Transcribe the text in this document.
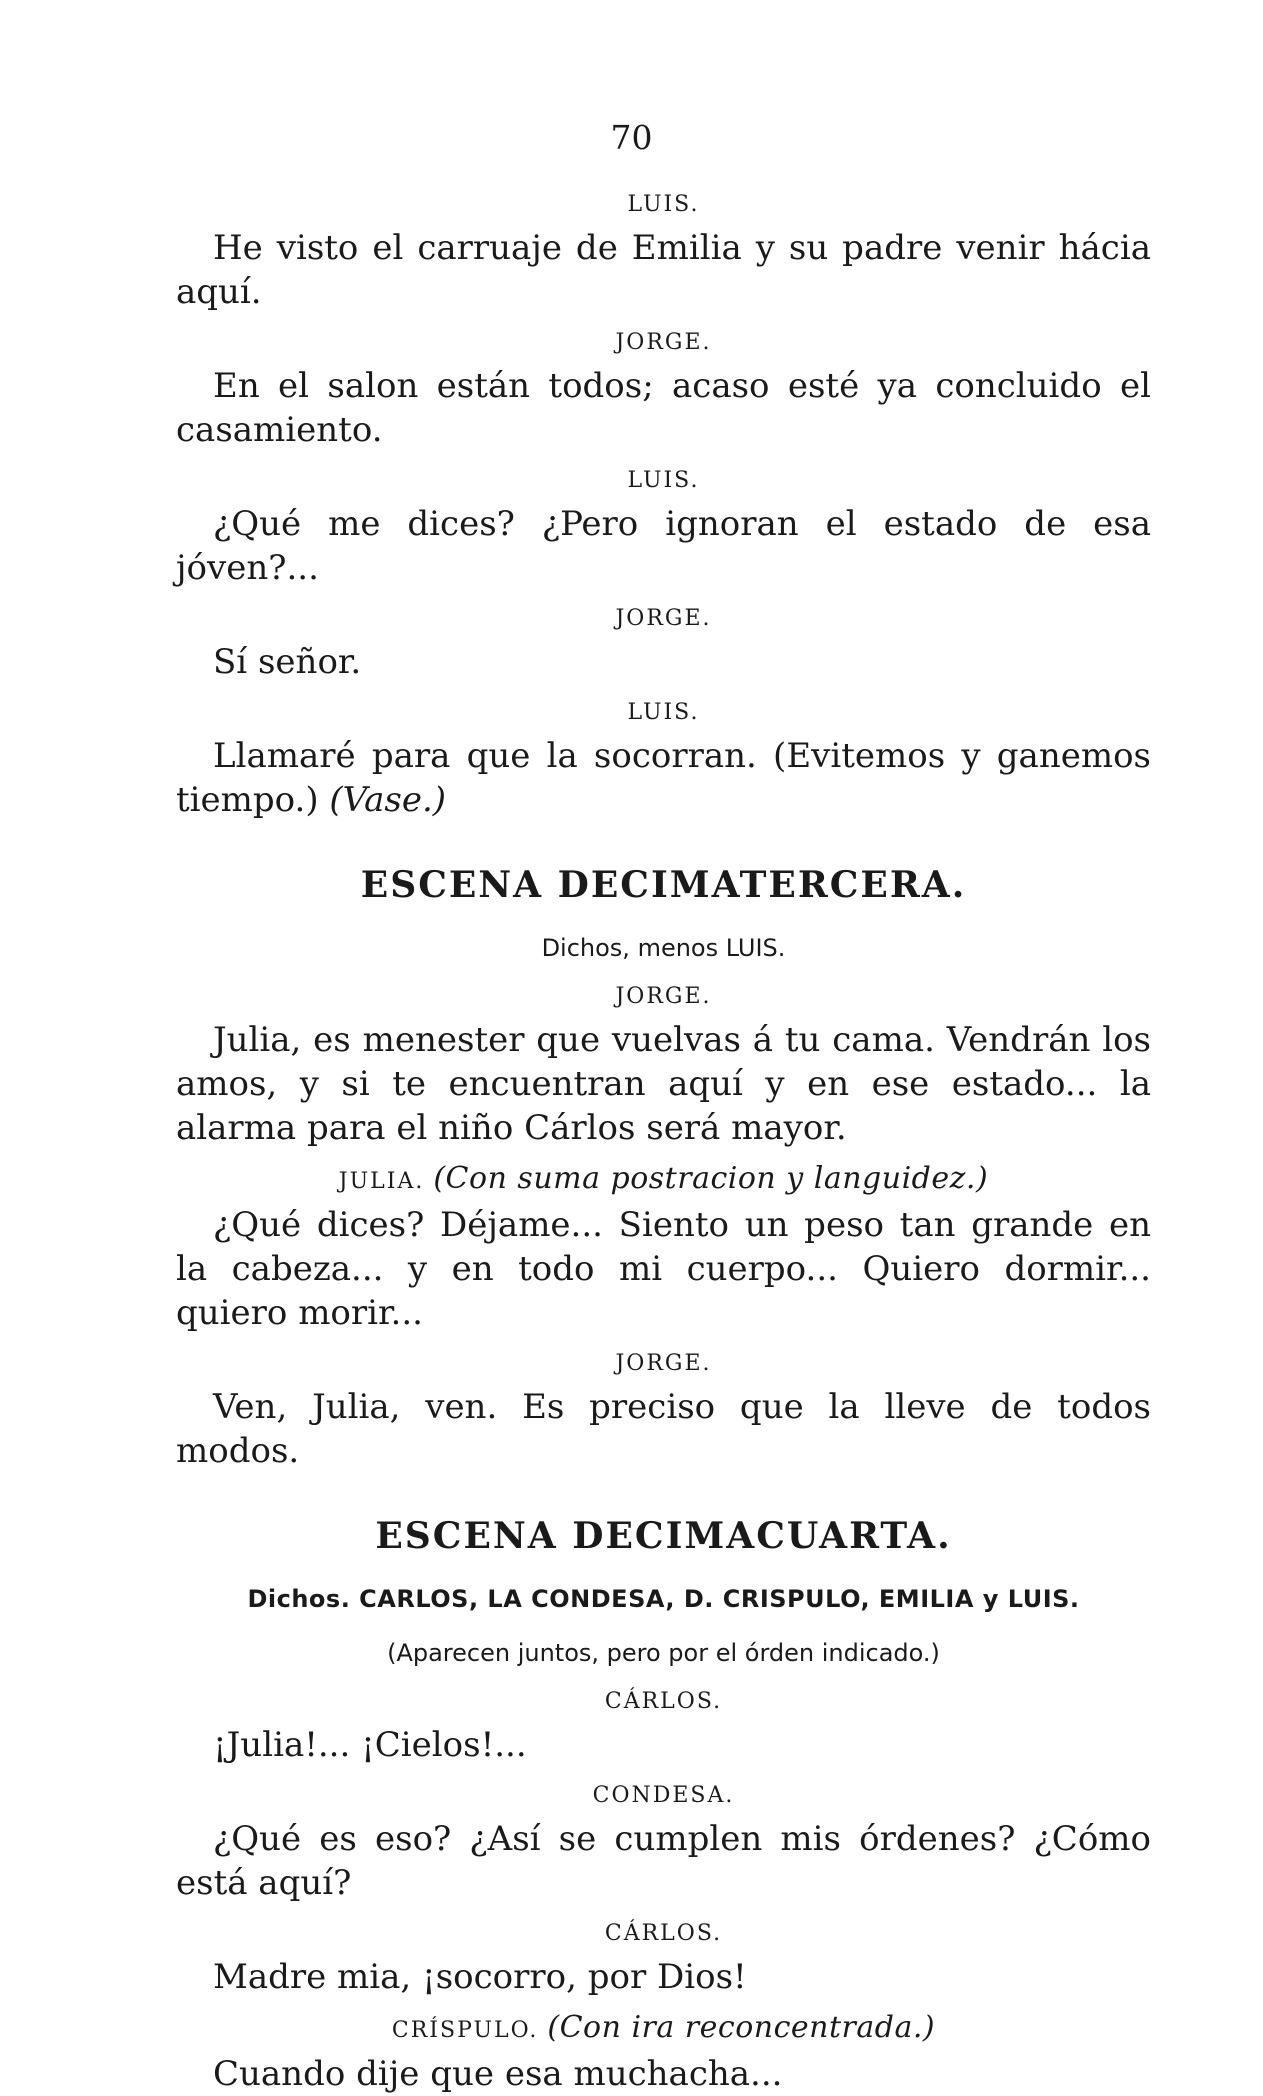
70
LUIS.

He visto el carruaje de Emilia y su padre venir hácia aquí.

JORGE.

En el salon están todos; acaso esté ya concluido el casamiento.

LUIS.

¿Qué me dices? ¿Pero ignoran el estado de esa jóven?...

JORGE.

Sí señor.

LUIS.

Llamaré para que la socorran. (Evitemos y ganemos tiempo.) (Vase.)

ESCENA DECIMATERCERA.
Dichos, menos LUIS.
JORGE.

Julia, es menester que vuelvas á tu cama. Vendrán los amos, y si te encuentran aquí y en ese estado... la alarma para el niño Cárlos será mayor.

JULIA. (Con suma postracion y languidez.)

¿Qué dices? Déjame... Siento un peso tan grande en la cabeza... y en todo mi cuerpo... Quiero dormir... quiero morir...

JORGE.

Ven, Julia, ven. Es preciso que la lleve de todos modos.

ESCENA DECIMACUARTA.
Dichos. CARLOS, LA CONDESA, D. CRISPULO, EMILIA y LUIS.
(Aparecen juntos, pero por el órden indicado.)
CÁRLOS.

¡Julia!... ¡Cielos!...

CONDESA.

¿Qué es eso? ¿Así se cumplen mis órdenes? ¿Cómo está aquí?

CÁRLOS.

Madre mia, ¡socorro, por Dios!

CRÍSPULO. (Con ira reconcentrada.)

Cuando dije que esa muchacha...
